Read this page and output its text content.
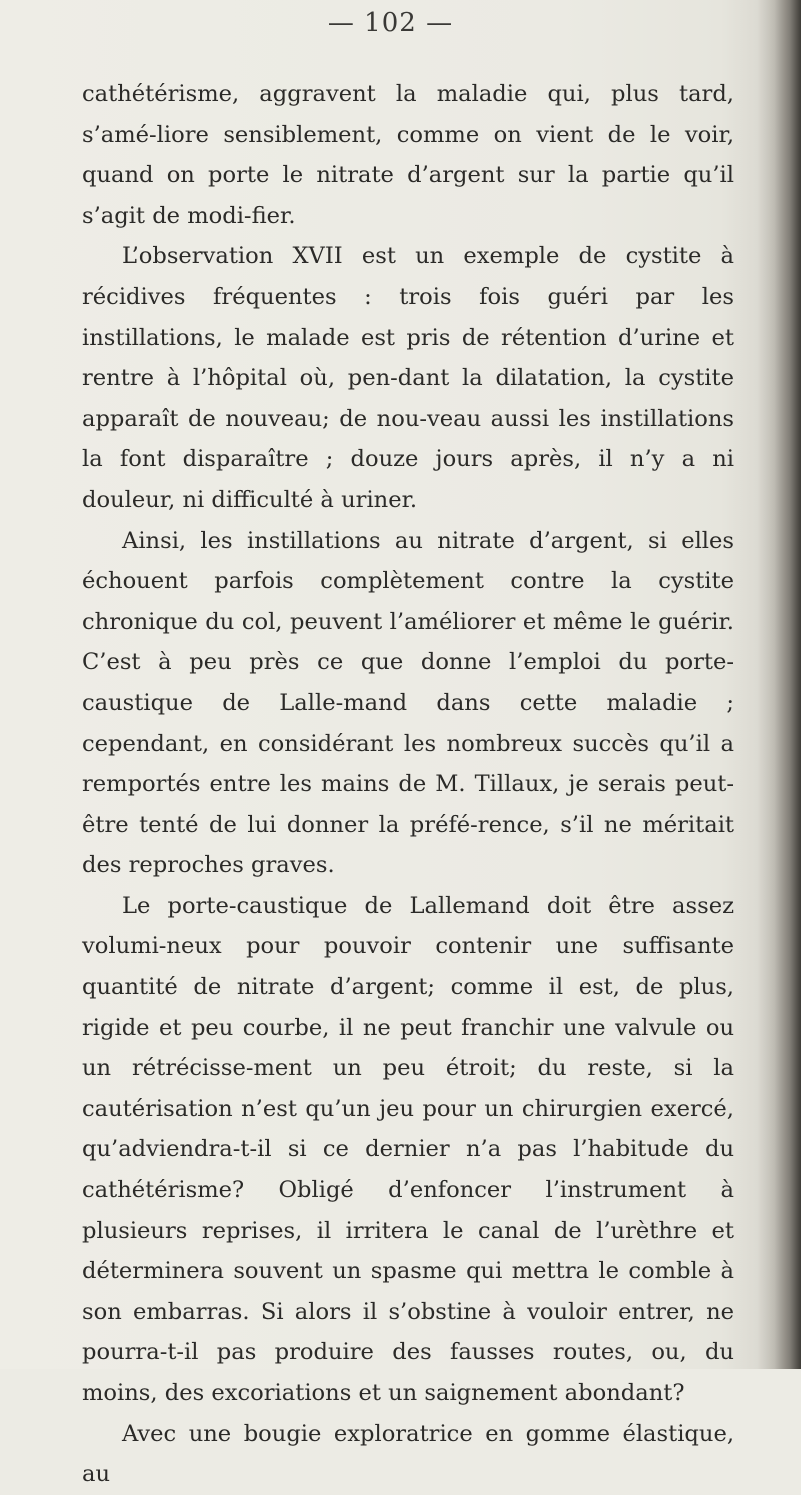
— 102 —

cathétérisme, aggravent la maladie qui, plus tard, s’amé-liore sensiblement, comme on vient de le voir, quand on porte le nitrate d’argent sur la partie qu’il s’agit de modi-fier.

L’observation XVII est un exemple de cystite à récidives fréquentes : trois fois guéri par les instillations, le malade est pris de rétention d’urine et rentre à l’hôpital où, pen-dant la dilatation, la cystite apparaît de nouveau; de nou-veau aussi les instillations la font disparaître ; douze jours après, il n’y a ni douleur, ni difficulté à uriner.

Ainsi, les instillations au nitrate d’argent, si elles échouent parfois complètement contre la cystite chronique du col, peuvent l’améliorer et même le guérir. C’est à peu près ce que donne l’emploi du porte-caustique de Lalle-mand dans cette maladie ; cependant, en considérant les nombreux succès qu’il a remportés entre les mains de M. Tillaux, je serais peut-être tenté de lui donner la préfé-rence, s’il ne méritait des reproches graves.

Le porte-caustique de Lallemand doit être assez volumi-neux pour pouvoir contenir une suffisante quantité de nitrate d’argent; comme il est, de plus, rigide et peu courbe, il ne peut franchir une valvule ou un rétrécisse-ment un peu étroit; du reste, si la cautérisation n’est qu’un jeu pour un chirurgien exercé, qu’adviendra-t-il si ce dernier n’a pas l’habitude du cathétérisme? Obligé d’enfoncer l’instrument à plusieurs reprises, il irritera le canal de l’urèthre et déterminera souvent un spasme qui mettra le comble à son embarras. Si alors il s’obstine à vouloir entrer, ne pourra-t-il pas produire des fausses routes, ou, du moins, des excoriations et un saignement abondant?

Avec une bougie exploratrice en gomme élastique, au
